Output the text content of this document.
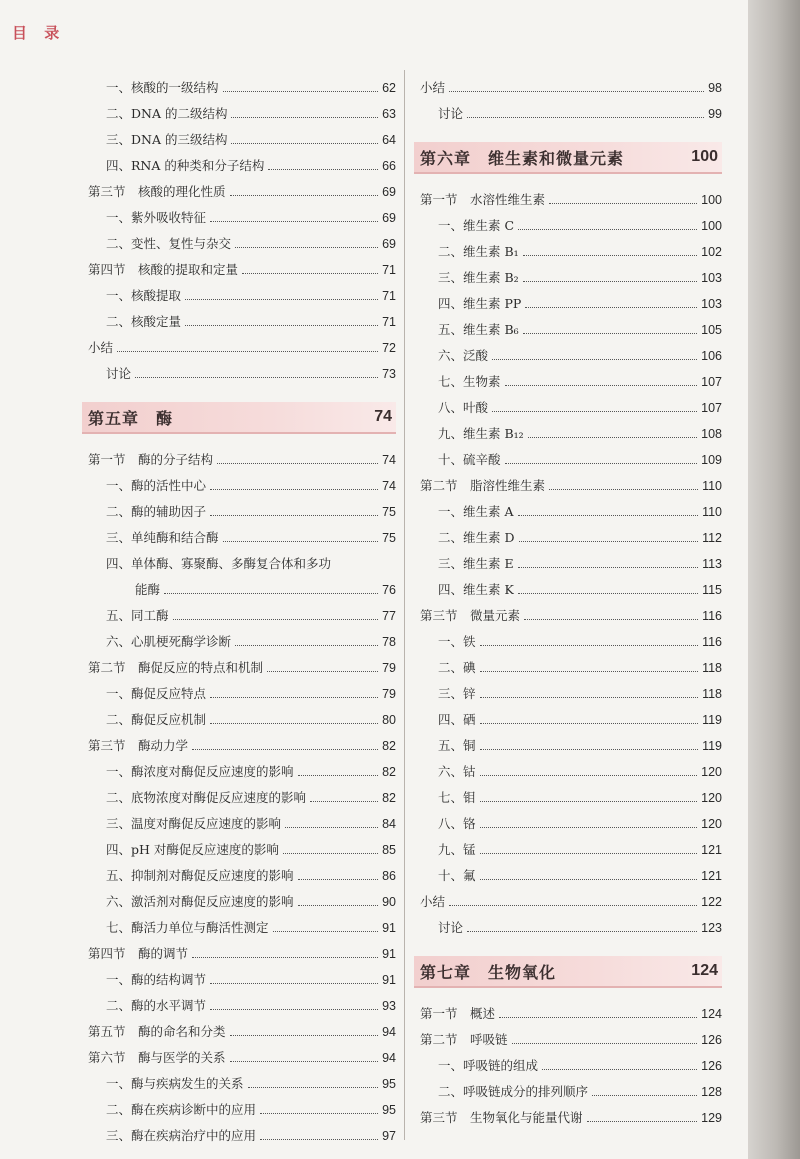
目 录
一、核酸的一级结构	62
二、DNA 的二级结构	63
三、DNA 的三级结构	64
四、RNA 的种类和分子结构	66
第三节　核酸的理化性质	69
一、紫外吸收特征	69
二、变性、复性与杂交	69
第四节　核酸的提取和定量	71
一、核酸提取	71
二、核酸定量	71
小结	72
讨论	73
第五章　酶	74
第一节　酶的分子结构	74
一、酶的活性中心	74
二、酶的辅助因子	75
三、单纯酶和结合酶	75
四、单体酶、寡聚酶、多酶复合体和多功
能酶	76
五、同工酶	77
六、心肌梗死酶学诊断	78
第二节　酶促反应的特点和机制	79
一、酶促反应特点	79
二、酶促反应机制	80
第三节　酶动力学	82
一、酶浓度对酶促反应速度的影响	82
二、底物浓度对酶促反应速度的影响	82
三、温度对酶促反应速度的影响	84
四、pH 对酶促反应速度的影响	85
五、抑制剂对酶促反应速度的影响	86
六、激活剂对酶促反应速度的影响	90
七、酶活力单位与酶活性测定	91
第四节　酶的调节	91
一、酶的结构调节	91
二、酶的水平调节	93
第五节　酶的命名和分类	94
第六节　酶与医学的关系	94
一、酶与疾病发生的关系	95
二、酶在疾病诊断中的应用	95
三、酶在疾病治疗中的应用	97
小结	98
讨论	99
第六章　维生素和微量元素	100
第一节　水溶性维生素	100
一、维生素 C	100
二、维生素 B₁	102
三、维生素 B₂	103
四、维生素 PP	103
五、维生素 B₆	105
六、泛酸	106
七、生物素	107
八、叶酸	107
九、维生素 B₁₂	108
十、硫辛酸	109
第二节　脂溶性维生素	110
一、维生素 A	110
二、维生素 D	112
三、维生素 E	113
四、维生素 K	115
第三节　微量元素	116
一、铁	116
二、碘	118
三、锌	118
四、硒	119
五、铜	119
六、钴	120
七、钼	120
八、铬	120
九、锰	121
十、氟	121
小结	122
讨论	123
第七章　生物氧化	124
第一节　概述	124
第二节　呼吸链	126
一、呼吸链的组成	126
二、呼吸链成分的排列顺序	128
第三节　生物氧化与能量代谢	129
